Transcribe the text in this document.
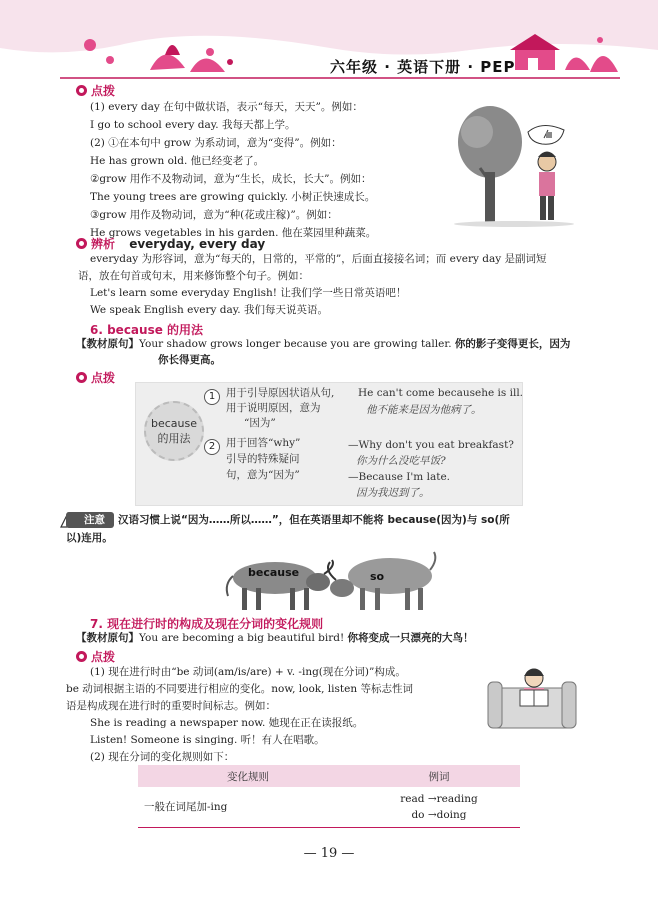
六年级 · 英语下册 · PEP
点拨
(1) every day 在句中做状语，表示“每天，天天”。例如：
I go to school every day. 我每天都上学。
(2) ①在本句中 grow 为系动词，意为“变得”。例如：
He has grown old. 他已经变老了。
②grow 用作不及物动词，意为“生长，成长，长大”。例如：
The young trees are growing quickly. 小树正快速成长。
③grow 用作及物动词，意为“种(花或庄稼)”。例如：
He grows vegetables in his garden. 他在菜园里种蔬菜。
辨析 everyday, every day
everyday 为形容词，意为“每天的，日常的，平常的”，后面直接接名词；而 every day 是副词短
语，放在句首或句末，用来修饰整个句子。例如：
Let's learn some everyday English! 让我们学一些日常英语吧！
We speak English every day. 我们每天说英语。
6. because 的用法
【教材原句】Your shadow grows longer because you are growing taller. 你的影子变得更长，因为
你长得更高。
点拨
because
的用法
1	用于引导原因状语从句,
用于说明原因，意为
“因为”
He can't come becausehe is ill.
他不能来是因为他病了。
2	用于回答“why”
引导的特殊疑问
句，意为“因为”
—Why don't you eat breakfast?
你为什么没吃早饭?
—Because I'm late.
因为我迟到了。
注意	汉语习惯上说“因为……所以……”，但在英语里却不能将 because(因为)与 so(所
以)连用。
because	so
7. 现在进行时的构成及现在分词的变化规则
【教材原句】You are becoming a big beautiful bird! 你将变成一只漂亮的大鸟！
点拨
(1) 现在进行时由“be 动词(am/is/are) + v. -ing(现在分词)”构成。
be 动词根据主语的不同要进行相应的变化。now, look, listen 等标志性词
语是构成现在进行时的重要时间标志。例如：
She is reading a newspaper now. 她现在正在读报纸。
Listen! Someone is singing. 听！有人在唱歌。
(2) 现在分词的变化规则如下：
变化规则	例词
一般在词尾加-ing	read →reading
do →doing
— 19 —
